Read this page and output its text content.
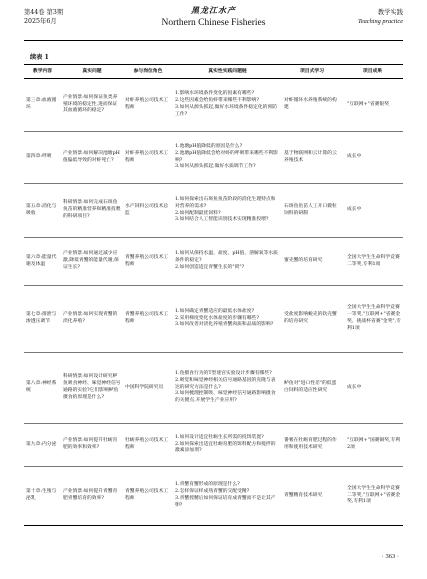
第44卷 第3期
2025年6月
黑龙江水产
Northern Chinese Fisheries
教学实践
Teaching practice
续表 1
教学内容	真实问题	参与岗位角色	真实性实践问题链	项目式学习	项目成果
第三章:血液循环	产业情景:如何保证鱼类养殖环境的稳定性,进而保证其血液循环的稳定?	对虾养殖公司技术工程师	1.影响水环境条件变化的因素有哪些?
2.这些因素会给鱼虾带来哪些不利影响?
3.如何从源头抓起,做好水环境条件稳定化的预防工作?	对虾循环水养殖系统的构建	"互联网+"省赛银奖
第四章:呼吸	产业情景:如何解决池塘pH值偏低导致的对虾死亡?	对虾养殖公司技术工程师	1.池塘pH值降低的原因是什么?
2.池塘pH值降低会给对虾的呼吸带来哪些不利影响?
3.如何从源头抓起,做好水质调节工作?	基于物联网和云计算的云养殖技术	成长中
第五章:消化与吸收	科研情景:如何完成石斑鱼鱼苗的精准营养和精准投喂的科研项目?	水产饲料公司技术总监	1.如何探索出石斑鱼鱼苗阶段的消化生理特点和对营养的需求?
2.如何配制最优饲料?
3.如何结合人工智能识别技术实现精准投喂?	石斑鱼鱼苗人工开口微粒饲料的研制	成长中
第六章:能量代谢及体温	产业情景:如何通过减少应激,降低青蟹的能量代谢,保证生长?	青蟹养殖公司技术工程师	1.如何从保持水温、盐度、pH值、溶解氧等水质条件的稳定?
2.如何创造适宜青蟹生长的"窝"?	蜜壳蟹的培育研究	全国大学生生命科学竞赛二等奖,专利1项
第七章:排泄与渗透压调节	产业情景:如何实现青蟹的淡化养殖?	青蟹养殖公司技术工程师	1.如何确定青蟹适应的最低水体盐度?
2.采用梯度变化水体盐度的步骤有哪些?
3.如何改善对淡化养殖青蟹肉质和品质的影响?	受盐度影响蜕壳的软壳蟹的培育研究	全国大学生生命科学竞赛一等奖,"互联网+"省赛金奖、挑战杯省赛"金奖",专利1项
第八章:神经系统	科研情景:如何设计研究鲈鱼吸食神经、味觉神经信号通路的实验?它们影响鲈鱼摄食的原理是什么?	中国科学院研究员	1.鱼摄食行为的T型迷宫实验设计步骤有哪些?
2.吸觉和味觉神经相关信号通路基因的克隆与表达的研究方法是什么?
3.如何梳理控制吸、味觉神经信号通路影响摄食的关键点,开展学生产业应用?	鲈鱼对"进口性差"的低蛋白饲料的适应性研究	成长中
第九章:内分泌	产业情景:如何提升牡蛎育肥的效率和效率?	牡蛎养殖公司技术工程师	1.如何设计适宜牡蛎生长所需的投饵装置?
2.如何探索出适宜牡蛎育肥的饵料配方和搅拌的激素添加剂?	番薯在牡蛎育肥过程的作用和使用技术研究	"互联网+"国赛铜奖,专利2项
第十章:生殖与泌乳	产业情景:如何提升青蟹育肥青蟹培育的效率?	青蟹养殖公司技术工程师	1.青蟹育蟹形成的原理是什么?
2.怎样保证样成熟青蟹的交配受精?
3.青蟹授精后如何保证培育成青蟹而不是让其产卵?	青蟹精育技术研究	全国大学生生命科学竞赛二等奖,"互联网+"省赛金奖,专利1项
· 363 ·
